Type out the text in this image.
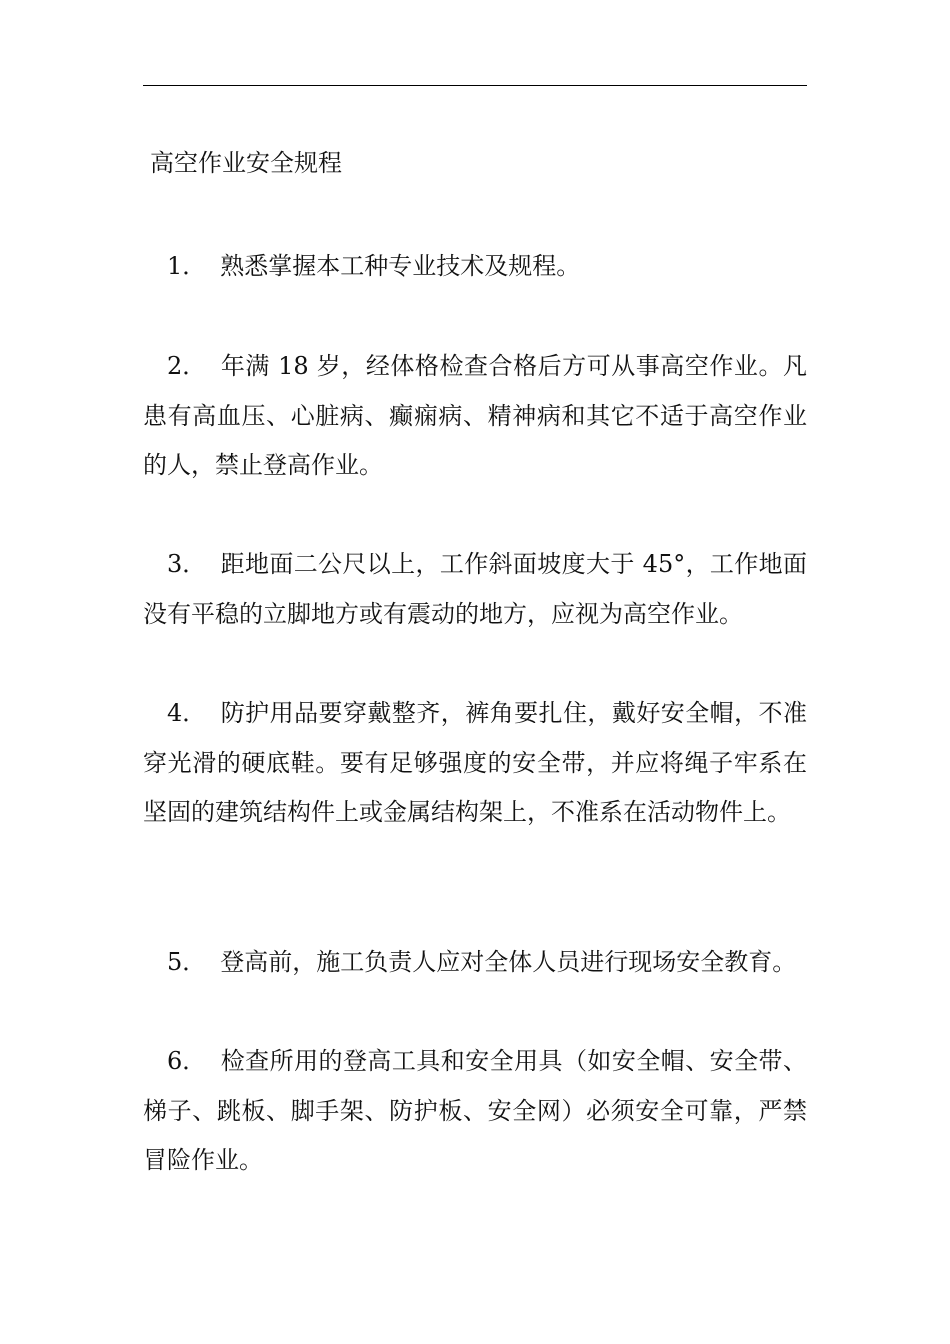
高空作业安全规程

1． 熟悉掌握本工种专业技术及规程。

2． 年满 18 岁，经体格检查合格后方可从事高空作业。凡患有高血压、心脏病、癫痫病、精神病和其它不适于高空作业的人，禁止登高作业。

3． 距地面二公尺以上，工作斜面坡度大于 45°，工作地面没有平稳的立脚地方或有震动的地方，应视为高空作业。

4． 防护用品要穿戴整齐，裤角要扎住，戴好安全帽，不准穿光滑的硬底鞋。要有足够强度的安全带，并应将绳子牢系在坚固的建筑结构件上或金属结构架上，不准系在活动物件上。

5． 登高前，施工负责人应对全体人员进行现场安全教育。

6． 检查所用的登高工具和安全用具（如安全帽、安全带、梯子、跳板、脚手架、防护板、安全网）必须安全可靠，严禁冒险作业。
